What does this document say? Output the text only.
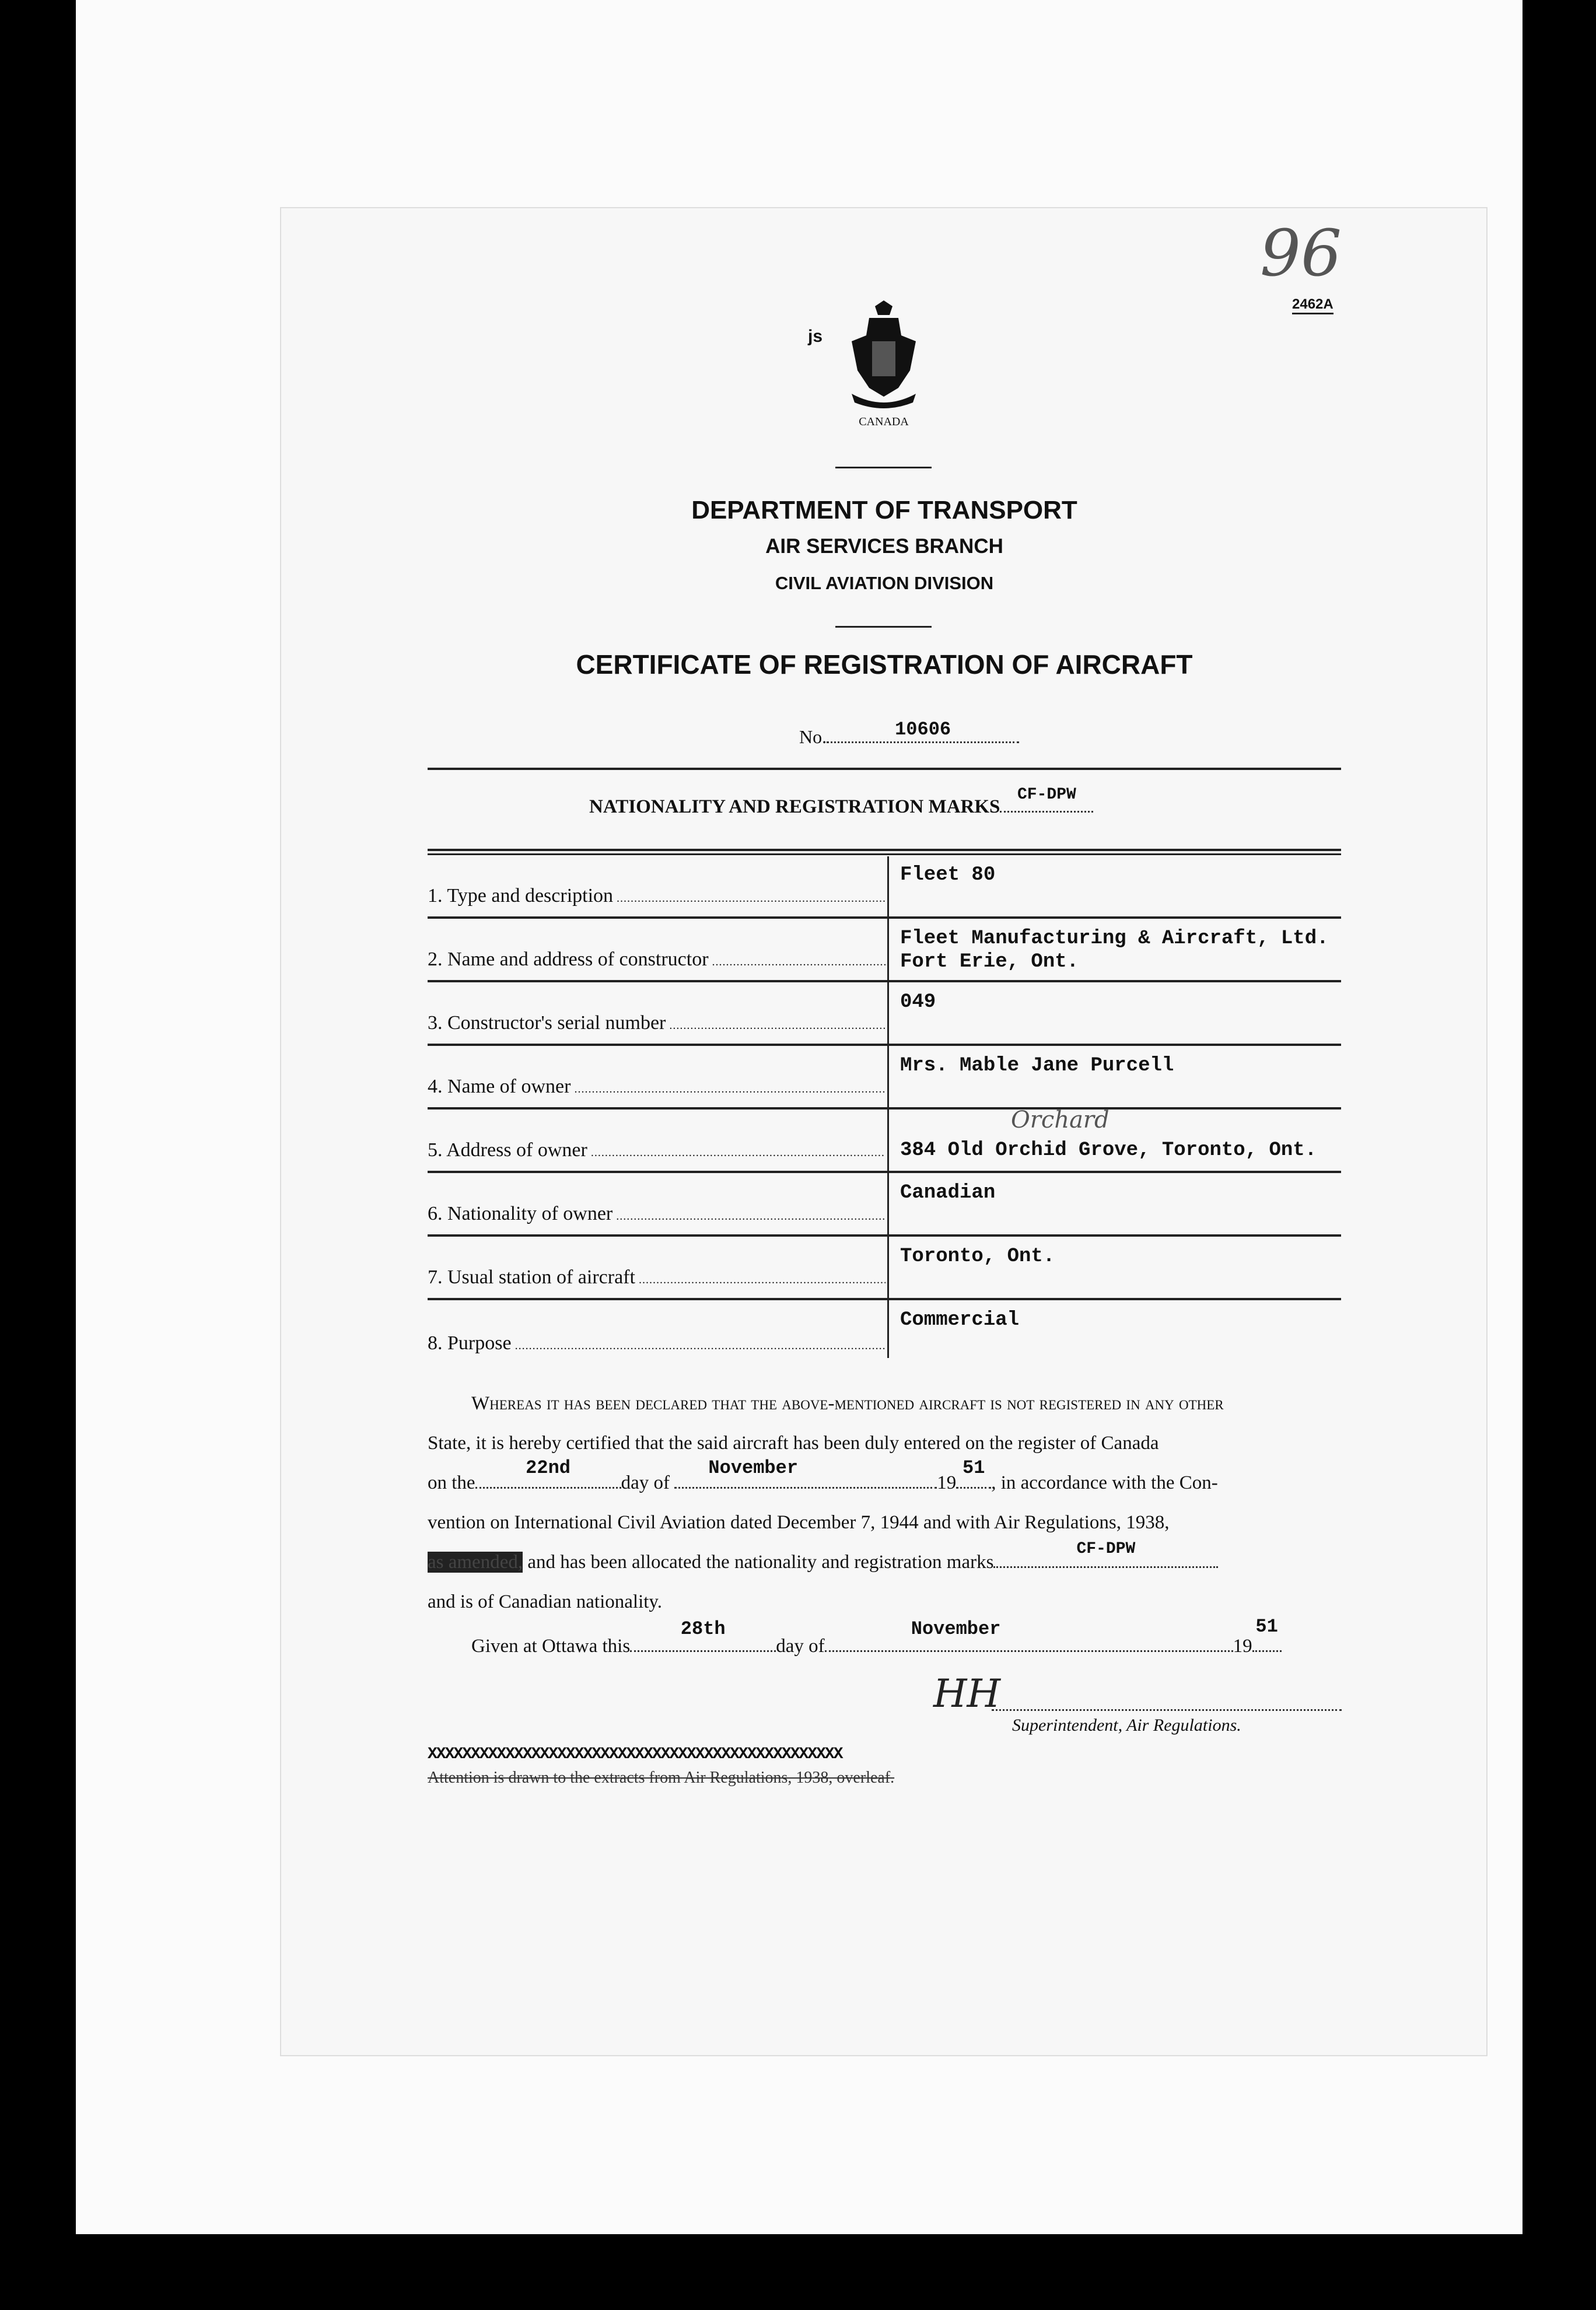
96
2462A
js
CANADA
DEPARTMENT OF TRANSPORT
AIR SERVICES BRANCH
CIVIL AVIATION DIVISION
CERTIFICATE OF REGISTRATION OF AIRCRAFT
No.	10606
NATIONALITY AND REGISTRATION MARKS
CF-DPW
1. Type and description .....
Fleet 80
2. Name and address of constructor .....
Fleet Manufacturing & Aircraft, Ltd.
Fort Erie, Ont.
3. Constructor's serial number .....
049
4. Name of owner .....
Mrs. Mable Jane Purcell
5. Address of owner .....	384 Old Orchid Grove, Toronto, Ont.
Orchard
6. Nationality of owner .....
Canadian
7. Usual station of aircraft .....
Toronto, Ont.
8. Purpose .....
Commercial
Whereas it has been declared that the above-mentioned aircraft is not registered in any other
State, it is hereby certified that the said aircraft has been duly entered on the register of Canada
on the
22nd
day of
November
19
51
, in accordance with the Con-
vention on International Civil Aviation dated December 7, 1944 and with Air Regulations, 1938,
as amended, and has been allocated the nationality and registration marks
CF-DPW
and is of Canadian nationality.
Given at Ottawa this
28th
day of
November
19
51
HH
Superintendent, Air Regulations.
XXXXXXXXXXXXXXXXXXXXXXXXXXXXXXXXXXXXXXXXXXXXXXXX
Attention is drawn to the extracts from Air Regulations, 1938, overleaf.
